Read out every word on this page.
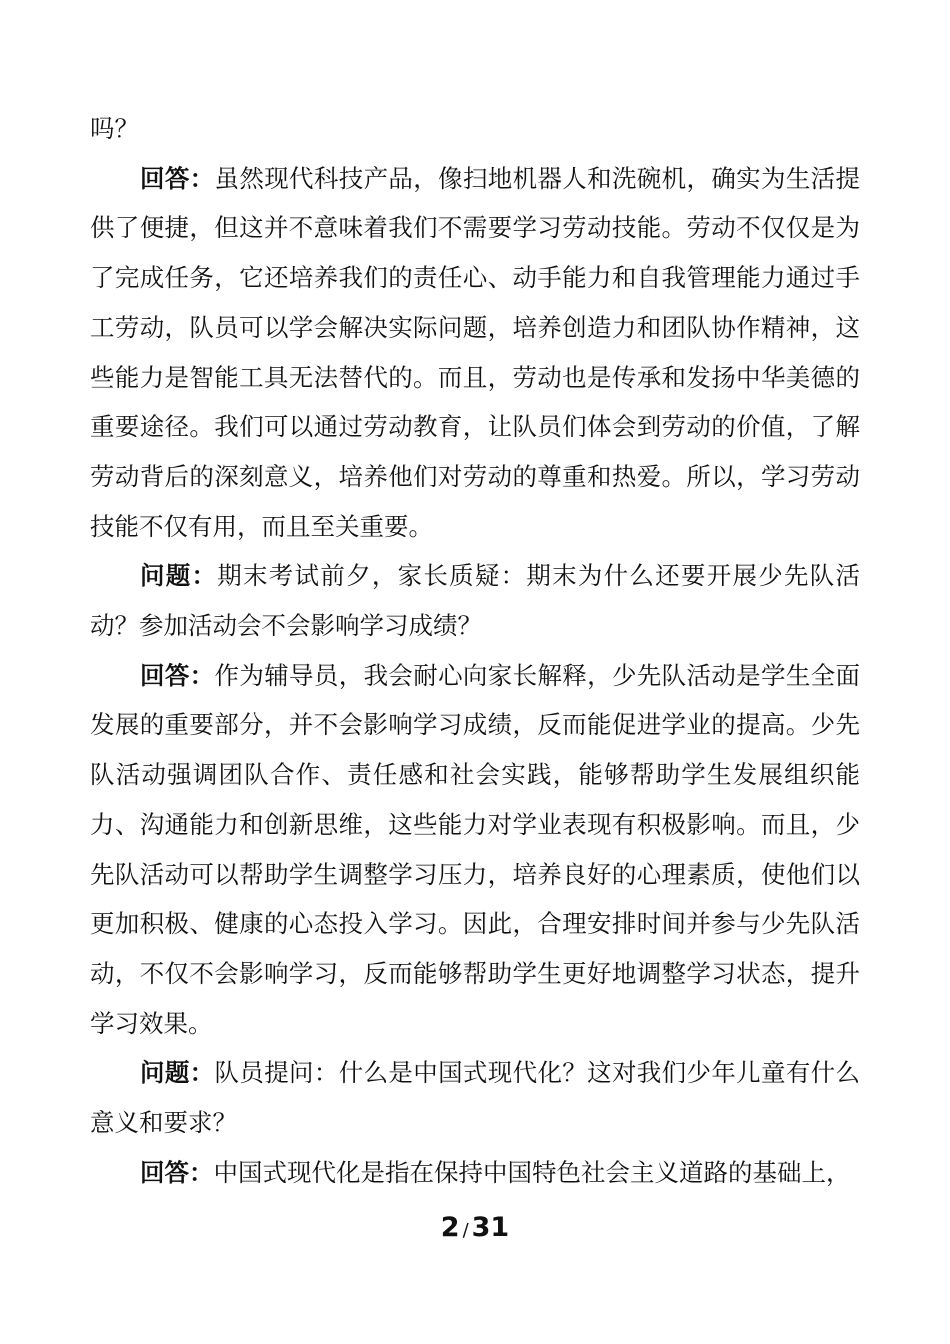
吗？

回答：虽然现代科技产品，像扫地机器人和洗碗机，确实为生活提供了便捷，但这并不意味着我们不需要学习劳动技能。劳动不仅仅是为了完成任务，它还培养我们的责任心、动手能力和自我管理能力通过手工劳动，队员可以学会解决实际问题，培养创造力和团队协作精神，这些能力是智能工具无法替代的。而且，劳动也是传承和发扬中华美德的重要途径。我们可以通过劳动教育，让队员们体会到劳动的价值，了解劳动背后的深刻意义，培养他们对劳动的尊重和热爱。所以，学习劳动技能不仅有用，而且至关重要。

问题：期末考试前夕，家长质疑：期末为什么还要开展少先队活动？参加活动会不会影响学习成绩？

回答：作为辅导员，我会耐心向家长解释，少先队活动是学生全面发展的重要部分，并不会影响学习成绩，反而能促进学业的提高。少先队活动强调团队合作、责任感和社会实践，能够帮助学生发展组织能力、沟通能力和创新思维，这些能力对学业表现有积极影响。而且，少先队活动可以帮助学生调整学习压力，培养良好的心理素质，使他们以更加积极、健康的心态投入学习。因此，合理安排时间并参与少先队活动，不仅不会影响学习，反而能够帮助学生更好地调整学习状态，提升学习效果。

问题：队员提问：什么是中国式现代化？这对我们少年儿童有什么意义和要求？

回答：中国式现代化是指在保持中国特色社会主义道路的基础上，

2 / 31
